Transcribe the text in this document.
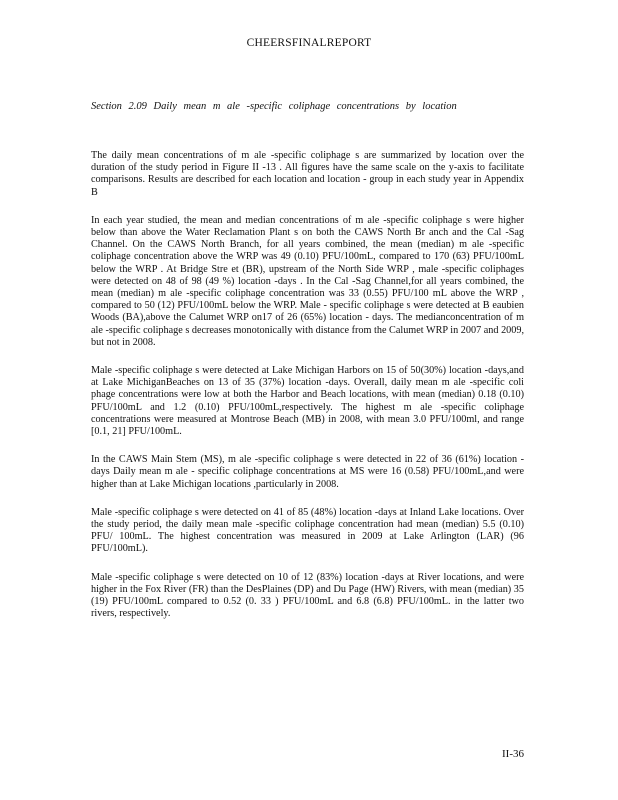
CHEERSFINALREPORT
Section 2.09 Daily mean m ale -specific coliphage concentrations by location

The daily mean concentrations of m ale -specific coliphage s are summarized by location over the duration of the study period in Figure II -13 . All figures have the same scale on the y-axis to facilitate comparisons. Results are described for each location and location - group in each study year in Appendix B

In each year studied, the mean and median concentrations of m ale -specific coliphage s were higher below than above the Water Reclamation Plant s on both the CAWS North Br anch and the Cal -Sag Channel. On the CAWS North Branch, for all years combined, the mean (median) m ale -specific coliphage concentration above the WRP was 49 (0.10) PFU/100mL, compared to 170 (63) PFU/100mL below the WRP . At Bridge Stre et (BR), upstream of the North Side WRP , male -specific coliphages were detected on 48 of 98 (49 %) location -days . In the Cal -Sag Channel,for all years combined, the mean (median) m ale -specific coliphage concentration was 33 (0.55) PFU/100 mL above the WRP , compared to 50 (12) PFU/100mL below the WRP. Male - specific coliphage s were detected at B eaubien Woods (BA),above the Calumet WRP on17 of 26 (65%) location - days. The medianconcentration of m ale -specific coliphage s decreases monotonically with distance from the Calumet WRP in 2007 and 2009, but not in 2008.

Male -specific coliphage s were detected at Lake Michigan Harbors on 15 of 50(30%) location -days,and at Lake MichiganBeaches on 13 of 35 (37%) location -days. Overall, daily mean m ale -specific coli phage concentrations were low at both the Harbor and Beach locations, with mean (median) 0.18 (0.10) PFU/100mL and 1.2 (0.10) PFU/100mL,respectively. The highest m ale -specific coliphage concentrations were measured at Montrose Beach (MB) in 2008, with mean 3.0 PFU/100ml, and range [0.1, 21] PFU/100mL.

In the CAWS Main Stem (MS), m ale -specific coliphage s were detected in 22 of 36 (61%) location -days Daily mean m ale - specific coliphage concentrations at MS were 16 (0.58) PFU/100mL,and were higher than at Lake Michigan locations ,particularly in 2008.

Male -specific coliphage s were detected on 41 of 85 (48%) location -days at Inland Lake locations. Over the study period, the daily mean male -specific coliphage concentration had mean (median) 5.5 (0.10) PFU/ 100mL. The highest concentration was measured in 2009 at Lake Arlington (LAR) (96 PFU/100mL).

Male -specific coliphage s were detected on 10 of 12 (83%) location -days at River locations, and were higher in the Fox River (FR) than the DesPlaines (DP) and Du Page (HW) Rivers, with mean (median) 35 (19) PFU/100mL compared to 0.52 (0. 33 ) PFU/100mL and 6.8 (6.8) PFU/100mL. in the latter two rivers, respectively.

II-36
